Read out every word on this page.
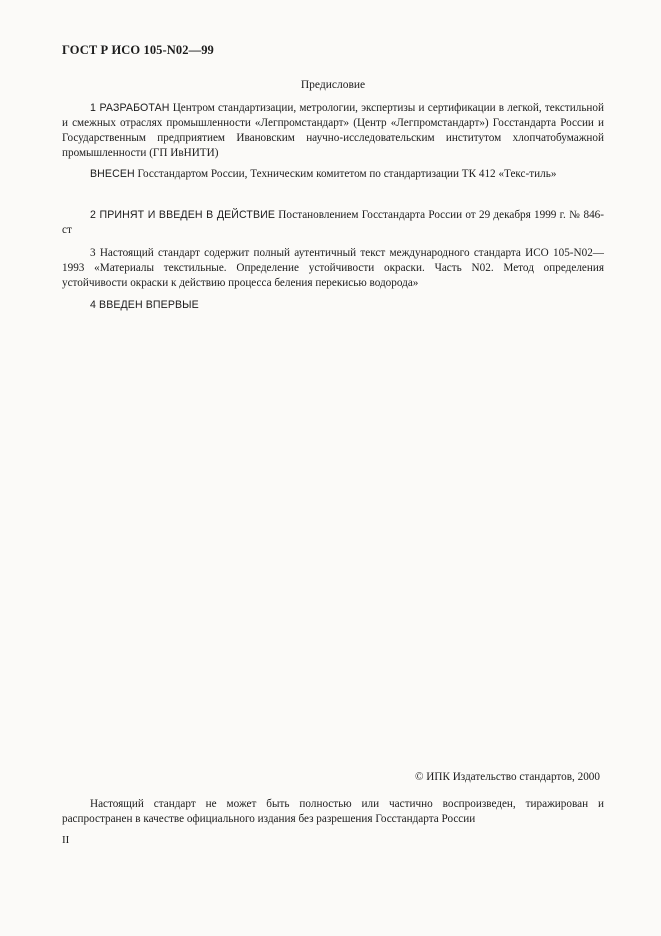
ГОСТ Р ИСО 105-N02—99
Предисловие

1 РАЗРАБОТАН Центром стандартизации, метрологии, экспертизы и сертификации в легкой, текстильной и смежных отраслях промышленности «Легпромстандарт» (Центр «Легпромстандарт») Госстандарта России и Государственным предприятием Ивановским научно-исследовательским институтом хлопчатобумажной промышленности (ГП ИвНИТИ)

ВНЕСЕН Госстандартом России, Техническим комитетом по стандартизации ТК 412 «Текс-тиль»

2 ПРИНЯТ И ВВЕДЕН В ДЕЙСТВИЕ Постановлением Госстандарта России от 29 декабря 1999 г. № 846-ст

3 Настоящий стандарт содержит полный аутентичный текст международного стандарта ИСО 105-N02—1993 «Материалы текстильные. Определение устойчивости окраски. Часть N02. Метод определения устойчивости окраски к действию процесса беления перекисью водорода»

4 ВВЕДЕН ВПЕРВЫЕ

© ИПК Издательство стандартов, 2000

Настоящий стандарт не может быть полностью или частично воспроизведен, тиражирован и распространен в качестве официального издания без разрешения Госстандарта России

II
